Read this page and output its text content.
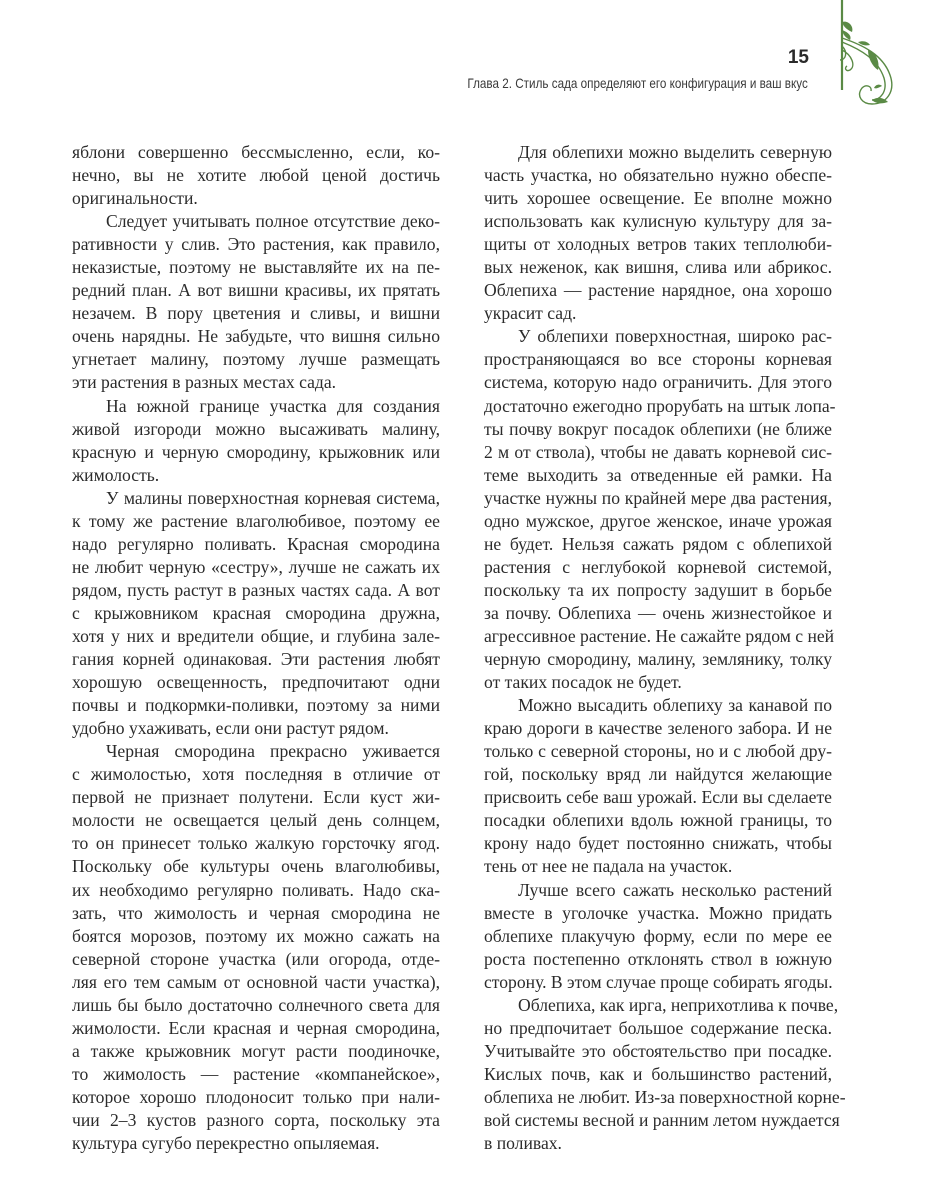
15
Глава 2. Стиль сада определяют его конфигурация и ваш вкус
яблони совершенно бессмысленно, если, ко-
нечно, вы не хотите любой ценой достичь
оригинальности.
Следует учитывать полное отсутствие деко-
ративности у слив. Это растения, как правило,
неказистые, поэтому не выставляйте их на пе-
редний план. А вот вишни красивы, их прятать
незачем. В пору цветения и сливы, и вишни
очень нарядны. Не забудьте, что вишня сильно
угнетает малину, поэтому лучше размещать
эти растения в разных местах сада.
На южной границе участка для создания
живой изгороди можно высаживать малину,
красную и черную смородину, крыжовник или
жимолость.
У малины поверхностная корневая система,
к тому же растение влаголюбивое, поэтому ее
надо регулярно поливать. Красная смородина
не любит черную «сестру», лучше не сажать их
рядом, пусть растут в разных частях сада. А вот
с крыжовником красная смородина дружна,
хотя у них и вредители общие, и глубина зале-
гания корней одинаковая. Эти растения любят
хорошую освещенность, предпочитают одни
почвы и подкормки-поливки, поэтому за ними
удобно ухаживать, если они растут рядом.
Черная смородина прекрасно уживается
с жимолостью, хотя последняя в отличие от
первой не признает полутени. Если куст жи-
молости не освещается целый день солнцем,
то он принесет только жалкую горсточку ягод.
Поскольку обе культуры очень влаголюбивы,
их необходимо регулярно поливать. Надо ска-
зать, что жимолость и черная смородина не
боятся морозов, поэтому их можно сажать на
северной стороне участка (или огорода, отде-
ляя его тем самым от основной части участка),
лишь бы было достаточно солнечного света для
жимолости. Если красная и черная смородина,
а также крыжовник могут расти поодиночке,
то жимолость — растение «компанейское»,
которое хорошо плодоносит только при нали-
чии 2–3 кустов разного сорта, поскольку эта
культура сугубо перекрестно опыляемая.
Для облепихи можно выделить северную
часть участка, но обязательно нужно обеспе-
чить хорошее освещение. Ее вполне можно
использовать как кулисную культуру для за-
щиты от холодных ветров таких теплолюби-
вых неженок, как вишня, слива или абрикос.
Облепиха — растение нарядное, она хорошо
украсит сад.
У облепихи поверхностная, широко рас-
пространяющаяся во все стороны корневая
система, которую надо ограничить. Для этого
достаточно ежегодно прорубать на штык лопа-
ты почву вокруг посадок облепихи (не ближе
2 м от ствола), чтобы не давать корневой сис-
теме выходить за отведенные ей рамки. На
участке нужны по крайней мере два растения,
одно мужское, другое женское, иначе урожая
не будет. Нельзя сажать рядом с облепихой
растения с неглубокой корневой системой,
поскольку та их попросту задушит в борьбе
за почву. Облепиха — очень жизнестойкое и
агрессивное растение. Не сажайте рядом с ней
черную смородину, малину, землянику, толку
от таких посадок не будет.
Можно высадить облепиху за канавой по
краю дороги в качестве зеленого забора. И не
только с северной стороны, но и с любой дру-
гой, поскольку вряд ли найдутся желающие
присвоить себе ваш урожай. Если вы сделаете
посадки облепихи вдоль южной границы, то
крону надо будет постоянно снижать, чтобы
тень от нее не падала на участок.
Лучше всего сажать несколько растений
вместе в уголочке участка. Можно придать
облепихе плакучую форму, если по мере ее
роста постепенно отклонять ствол в южную
сторону. В этом случае проще собирать ягоды.
Облепиха, как ирга, неприхотлива к почве,
но предпочитает большое содержание песка.
Учитывайте это обстоятельство при посадке.
Кислых почв, как и большинство растений,
облепиха не любит. Из-за поверхностной корне-
вой системы весной и ранним летом нуждается
в поливах.
